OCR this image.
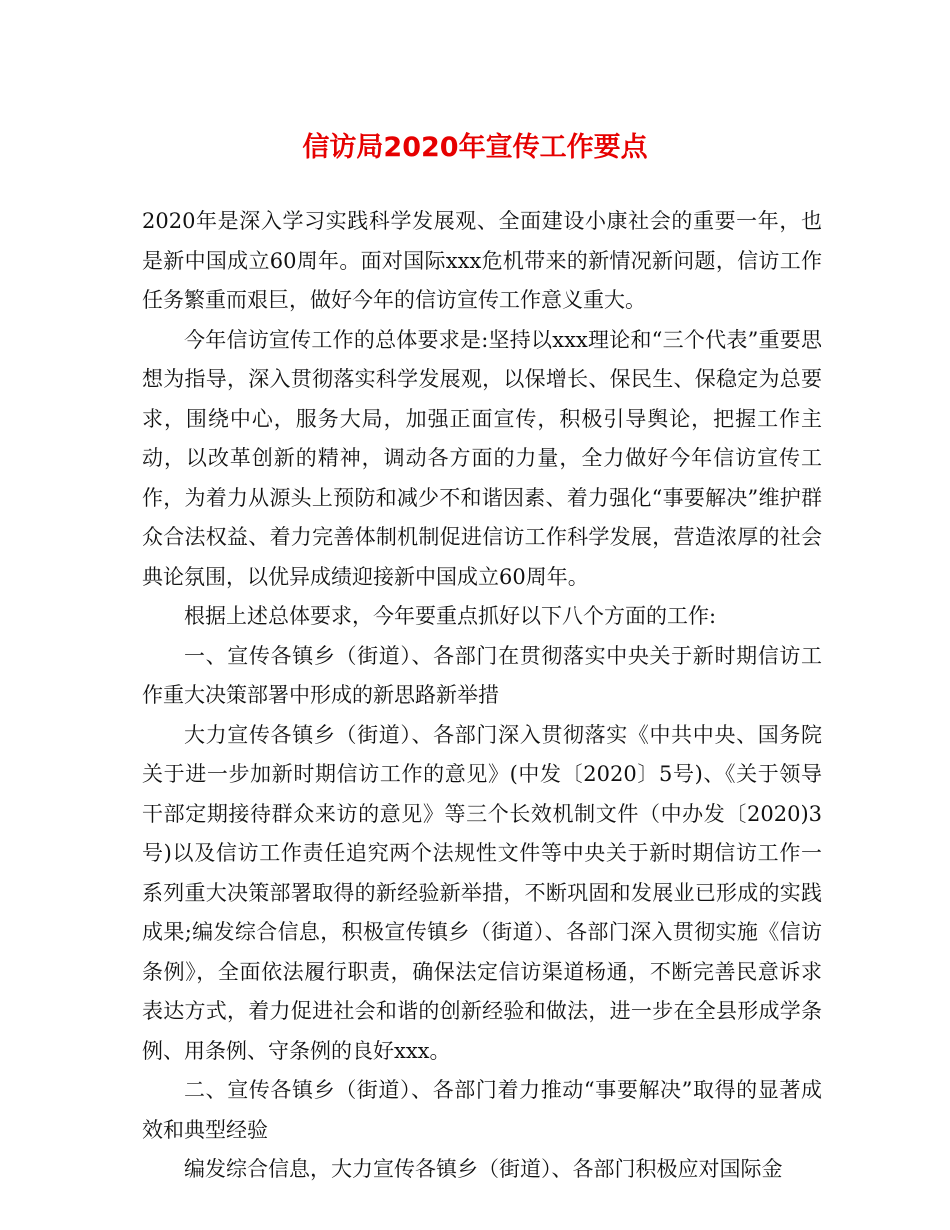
信访局2020年宣传工作要点

2020年是深入学习实践科学发展观、全面建设小康社会的重要一年，也是新中国成立60周年。面对国际xxx危机带来的新情况新问题，信访工作任务繁重而艰巨，做好今年的信访宣传工作意义重大。

今年信访宣传工作的总体要求是:坚持以xxx理论和“三个代表”重要思想为指导，深入贯彻落实科学发展观，以保增长、保民生、保稳定为总要求，围绕中心，服务大局，加强正面宣传，积极引导舆论，把握工作主动，以改革创新的精神，调动各方面的力量，全力做好今年信访宣传工作，为着力从源头上预防和减少不和谐因素、着力强化“事要解决”维护群众合法权益、着力完善体制机制促进信访工作科学发展，营造浓厚的社会典论氛围，以优异成绩迎接新中国成立60周年。

根据上述总体要求，今年要重点抓好以下八个方面的工作:

一、宣传各镇乡（街道）、各部门在贯彻落实中央关于新时期信访工作重大决策部署中形成的新思路新举措

大力宣传各镇乡（街道）、各部门深入贯彻落实《中共中央、国务院关于进一步加新时期信访工作的意见》(中发〔2020〕5号)、《关于领导干部定期接待群众来访的意见》等三个长效机制文件（中办发〔2020)3号)以及信访工作责任追究两个法规性文件等中央关于新时期信访工作一系列重大决策部署取得的新经验新举措，不断巩固和发展业已形成的实践成果;编发综合信息，积极宣传镇乡（街道）、各部门深入贯彻实施《信访条例》，全面依法履行职责，确保法定信访渠道杨通，不断完善民意诉求表达方式，着力促进社会和谐的创新经验和做法，进一步在全县形成学条例、用条例、守条例的良好xxx。

二、宣传各镇乡（街道）、各部门着力推动“事要解决”取得的显著成效和典型经验

编发综合信息，大力宣传各镇乡（街道）、各部门积极应对国际金
